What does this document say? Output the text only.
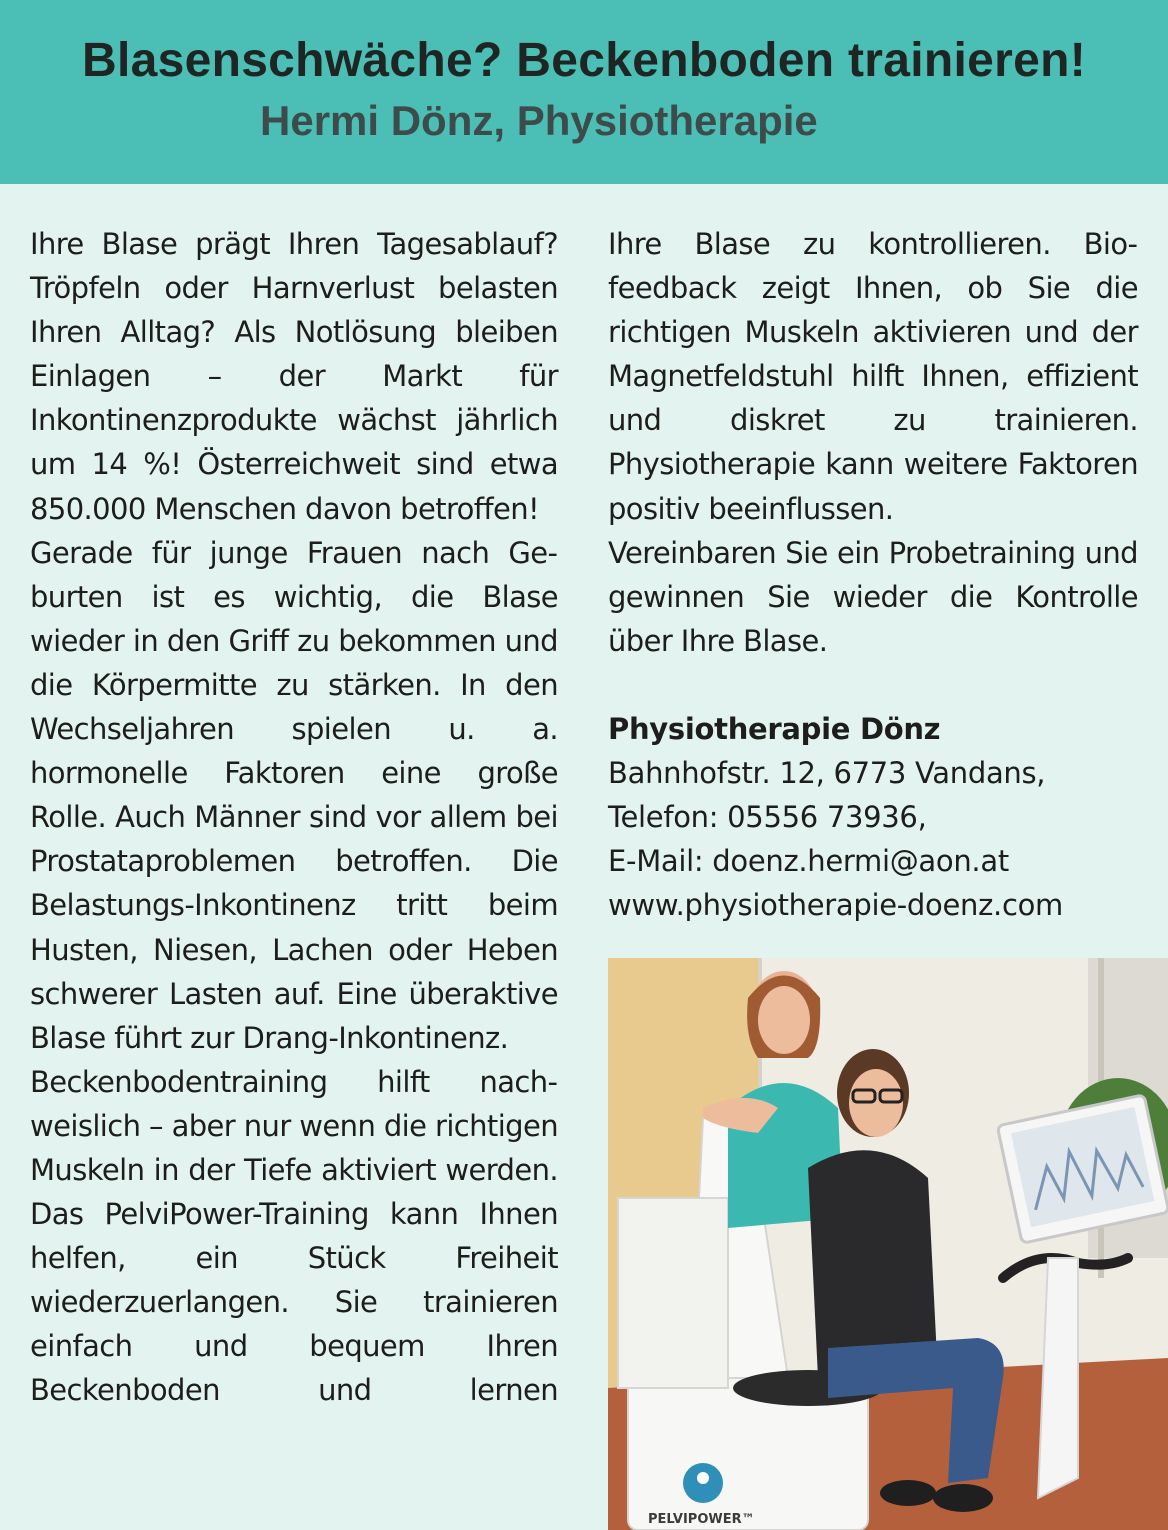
Blasenschwäche? Beckenboden trainieren!
Hermi Dönz, Physiotherapie

Ihre Blase prägt Ihren Tagesablauf? Tröpfeln oder Harnverlust belasten Ihren Alltag? Als Notlösung bleiben Einlagen – der Markt für Inkontinenzprodukte wächst jährlich um 14 %! Österreichweit sind etwa 850.000 Menschen davon betroffen!

Gerade für junge Frauen nach Geburten ist es wichtig, die Blase wieder in den Griff zu bekommen und die Körpermitte zu stärken. In den Wechseljahren spielen u. a. hormonelle Faktoren eine große Rolle. Auch Männer sind vor allem bei Prostataproblemen betroffen. Die Belastungs-Inkontinenz tritt beim Husten, Niesen, Lachen oder Heben schwerer Lasten auf. Eine überaktive Blase führt zur Drang-Inkontinenz.

Beckenbodentraining hilft nachweislich – aber nur wenn die richtigen Muskeln in der Tiefe aktiviert werden. Das PelviPower-Training kann Ihnen helfen, ein Stück Freiheit wiederzuerlangen. Sie trainieren einfach und bequem Ihren Beckenboden und lernen

Ihre Blase zu kontrollieren. Biofeedback zeigt Ihnen, ob Sie die richtigen Muskeln aktivieren und der Magnetfeldstuhl hilft Ihnen, effizient und diskret zu trainieren. Physiotherapie kann weitere Faktoren positiv beeinflussen.

Vereinbaren Sie ein Probetraining und gewinnen Sie wieder die Kontrolle über Ihre Blase.

Physiotherapie Dönz
Bahnhofstr. 12, 6773 Vandans,
Telefon: 05556 73936,
E-Mail: doenz.hermi@aon.at
www.physiotherapie-doenz.com
PELVIPOWER™
